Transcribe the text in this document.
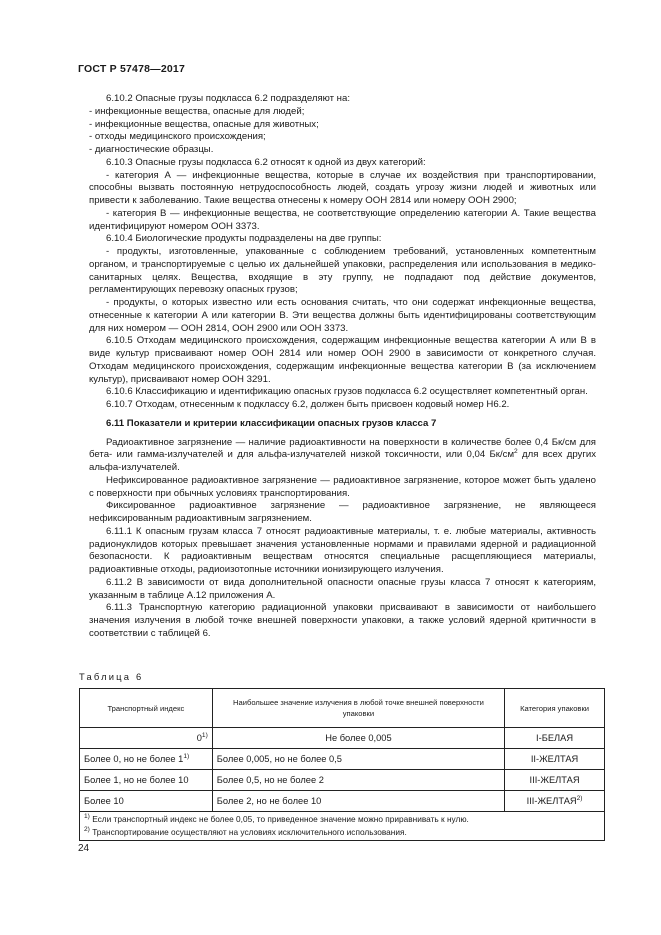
ГОСТ Р 57478—2017

6.10.2 Опасные грузы подкласса 6.2 подразделяют на:

- инфекционные вещества, опасные для людей;

- инфекционные вещества, опасные для животных;

- отходы медицинского происхождения;

- диагностические образцы.

6.10.3 Опасные грузы подкласса 6.2 относят к одной из двух категорий:

- категория А — инфекционные вещества, которые в случае их воздействия при транспортировании, способны вызвать постоянную нетрудоспособность людей, создать угрозу жизни людей и животных или привести к заболеванию. Такие вещества отнесены к номеру ООН 2814 или номеру ООН 2900;

- категория В — инфекционные вещества, не соответствующие определению категории А. Такие вещества идентифицируют номером ООН 3373.

6.10.4 Биологические продукты подразделены на две группы:

- продукты, изготовленные, упакованные с соблюдением требований, установленных компетентным органом, и транспортируемые с целью их дальнейшей упаковки, распределения или использования в медико-санитарных целях. Вещества, входящие в эту группу, не подпадают под действие документов, регламентирующих перевозку опасных грузов;

- продукты, о которых известно или есть основания считать, что они содержат инфекционные вещества, отнесенные к категории А или категории В. Эти вещества должны быть идентифицированы соответствующим для них номером — ООН 2814, ООН 2900 или ООН 3373.

6.10.5 Отходам медицинского происхождения, содержащим инфекционные вещества категории А или В в виде культур присваивают номер ООН 2814 или номер ООН 2900 в зависимости от конкретного случая. Отходам медицинского происхождения, содержащим инфекционные вещества категории В (за исключением культур), присваивают номер ООН 3291.

6.10.6 Классификацию и идентификацию опасных грузов подкласса 6.2 осуществляет компетентный орган.

6.10.7 Отходам, отнесенным к подклассу 6.2, должен быть присвоен кодовый номер Н6.2.

6.11 Показатели и критерии классификации опасных грузов класса 7

Радиоактивное загрязнение — наличие радиоактивности на поверхности в количестве более 0,4 Бк/см для бета- или гамма-излучателей и для альфа-излучателей низкой токсичности, или 0,04 $Бк/см^2$ для всех других альфа-излучателей.

Нефиксированное радиоактивное загрязнение — радиоактивное загрязнение, которое может быть удалено с поверхности при обычных условиях транспортирования.

Фиксированное радиоактивное загрязнение — радиоактивное загрязнение, не являющееся нефиксированным радиоактивным загрязнением.

6.11.1 К опасным грузам класса 7 относят радиоактивные материалы, т. е. любые материалы, активность радионуклидов которых превышает значения установленные нормами и правилами ядерной и радиационной безопасности. К радиоактивным веществам относятся специальные расщепляющиеся материалы, радиоактивные отходы, радиоизотопные источники ионизирующего излучения.

6.11.2 В зависимости от вида дополнительной опасности опасные грузы класса 7 относят к категориям, указанным в таблице А.12 приложения А.

6.11.3 Транспортную категорию радиационной упаковки присваивают в зависимости от наибольшего значения излучения в любой точке внешней поверхности упаковки, а также условий ядерной критичности в соответствии с таблицей 6.

Таблица 6
Транспортный индекс	Наибольшее значение излучения в любой точке внешней поверхности упаковки	Категория упаковки
0$^{1)}$	Не более 0,005	I-БЕЛАЯ
Более 0, но не более 1$^{1)}$	Более 0,005, но не более 0,5	II-ЖЕЛТАЯ
Более 1, но не более 10	Более 0,5, но не более 2	III-ЖЕЛТАЯ
Более 10	Более 2, но не более 10	III-ЖЕЛТАЯ$^{2)}$

$^{1)}$ Если транспортный индекс не более 0,05, то приведенное значение можно приравнивать к нулю.
$^{2)}$ Транспортирование осуществляют на условиях исключительного использования.		
24
